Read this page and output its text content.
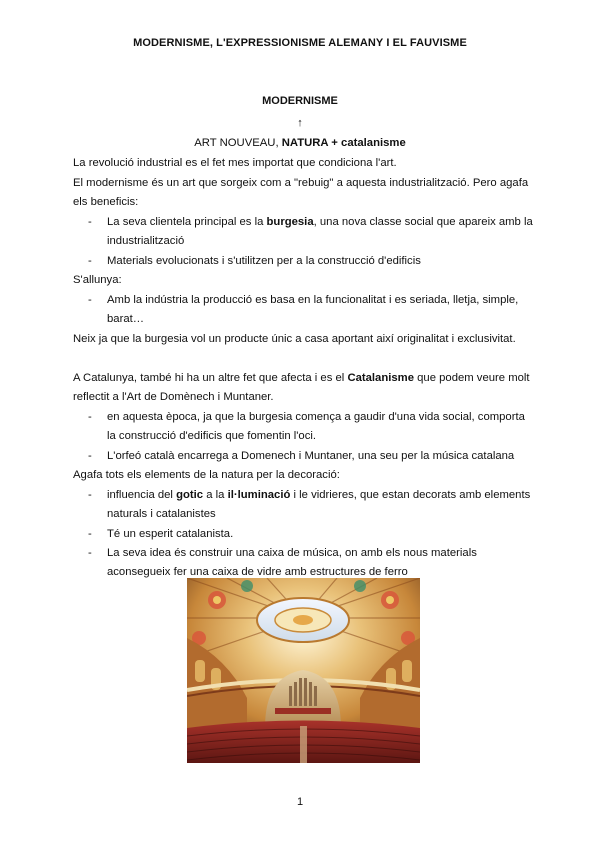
MODERNISME, L'EXPRESSIONISME ALEMANY I EL FAUVISME
MODERNISME
↑
ART NOUVEAU, NATURA + catalanisme
La revolució industrial es el fet mes importat que condiciona l'art.
El modernisme és un art que sorgeix com a "rebuig" a aquesta industrialització. Pero agafa
els beneficis:
- La seva clientela principal es la burgesia, una nova classe social que apareix amb la
industrialització
- Materials evolucionats i s'utilitzen per a la construcció d'edificis
S'allunya:
- Amb la indústria la producció es basa en la funcionalitat i es seriada, lletja, simple,
barat…
Neix ja que la burgesia vol un producte únic a casa aportant així originalitat i exclusivitat.
A Catalunya, també hi ha un altre fet que afecta i es el Catalanisme que podem veure molt
reflectit a l'Art de Domènech i Muntaner.
- en aquesta època, ja que la burgesia comença a gaudir d'una vida social, comporta
la construcció d'edificis que fomentin l'oci.
- L'orfeó català encarrega a Domenech i Muntaner, una seu per la música catalana
Agafa tots els elements de la natura per la decoració:
- influencia del gotic a la il·luminació i le vidrieres, que estan decorats amb elements
naturals i catalanistes
- Té un esperit catalanista.
- La seva idea és construir una caixa de música, on amb els nous materials
aconsegueix fer una caixa de vidre amb estructures de ferro
1
